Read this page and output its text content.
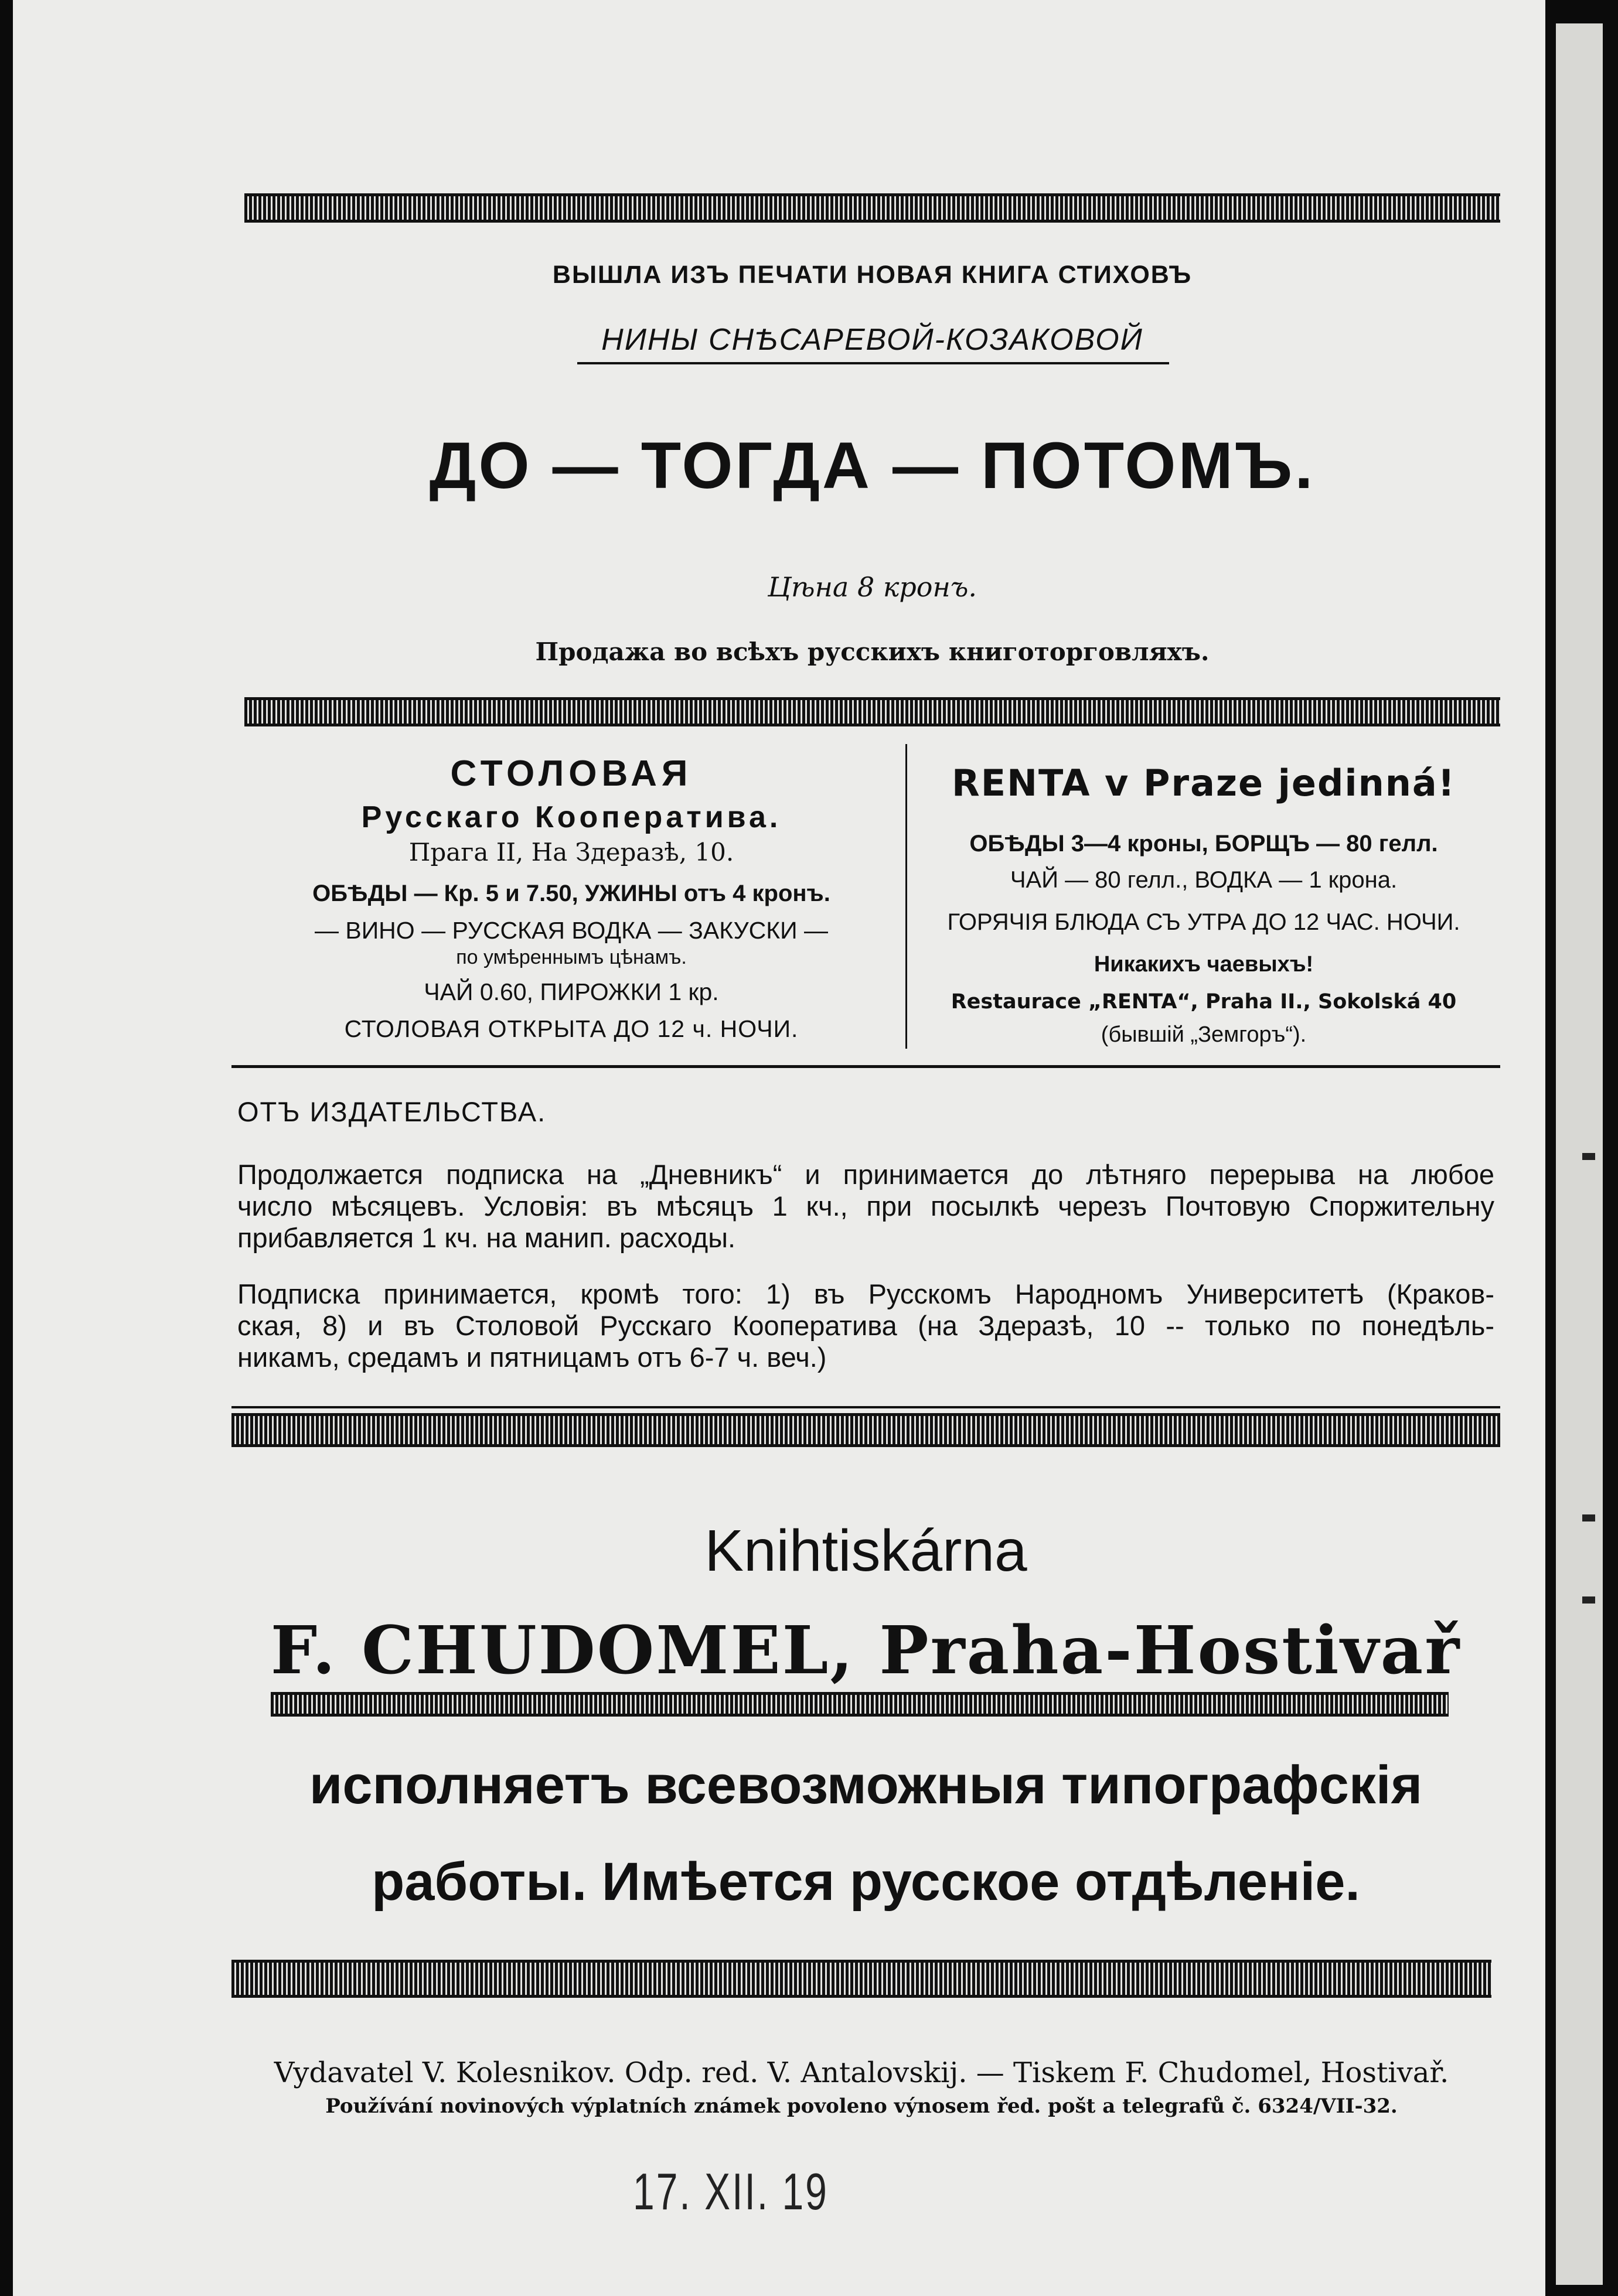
ВЫШЛА ИЗЪ ПЕЧАТИ НОВАЯ КНИГА СТИХОВЪ
НИНЫ СНѢСАРЕВОЙ-КОЗАКОВОЙ
ДО — ТОГДА — ПОТОМЪ.
Цѣна 8 кронъ.
Продажа во всѣхъ русскихъ книготорговляхъ.
СТОЛОВАЯ
Русскаго Кооператива.
Прага II, На Здеразѣ, 10.
ОБѢДЫ — Кр. 5 и 7.50, УЖИНЫ отъ 4 кронъ.
— ВИНО — РУССКАЯ ВОДКА — ЗАКУСКИ —
по умѣреннымъ цѣнамъ.
ЧАЙ 0.60, ПИРОЖКИ 1 кр.
СТОЛОВАЯ ОТКРЫТА ДО 12 ч. НОЧИ.
RENTA v Praze jedinná!
ОБѢДЫ 3—4 кроны, БОРЩЪ — 80 гелл.
ЧАЙ — 80 гелл., ВОДКА — 1 крона.
ГОРЯЧІЯ БЛЮДА СЪ УТРА ДО 12 ЧАС. НОЧИ.
Никакихъ чаевыхъ!
Restaurace „RENTA“, Praha II., Sokolská 40
(бывшій „Земгоръ“).
ОТЪ ИЗДАТЕЛЬСТВА.
Продолжается подписка на „Дневникъ“ и принимается до лѣтняго перерыва на любое
число мѣсяцевъ. Условія: въ мѣсяцъ 1 кч., при посылкѣ черезъ Почтовую Споржительну
прибавляется 1 кч. на манип. расходы.
Подписка принимается, кромѣ того: 1) въ Русскомъ Народномъ Университетѣ (Краков-
ская, 8) и въ Столовой Русскаго Кооператива (на Здеразѣ, 10 -- только по понедѣль-
никамъ, средамъ и пятницамъ отъ 6-7 ч. веч.)
Knihtiskárna
F. CHUDOMEL, Praha-Hostivař
исполняетъ всевозможныя типографскія
работы. Имѣется русское отдѣленіе.
Vydavatel V. Kolesnikov. Odp. red. V. Antalovskij. — Tiskem F. Chudomel, Hostivař.
Používání novinových výplatních známek povoleno výnosem řed. pošt a telegrafů č. 6324/VII-32.
17. XII. 19
